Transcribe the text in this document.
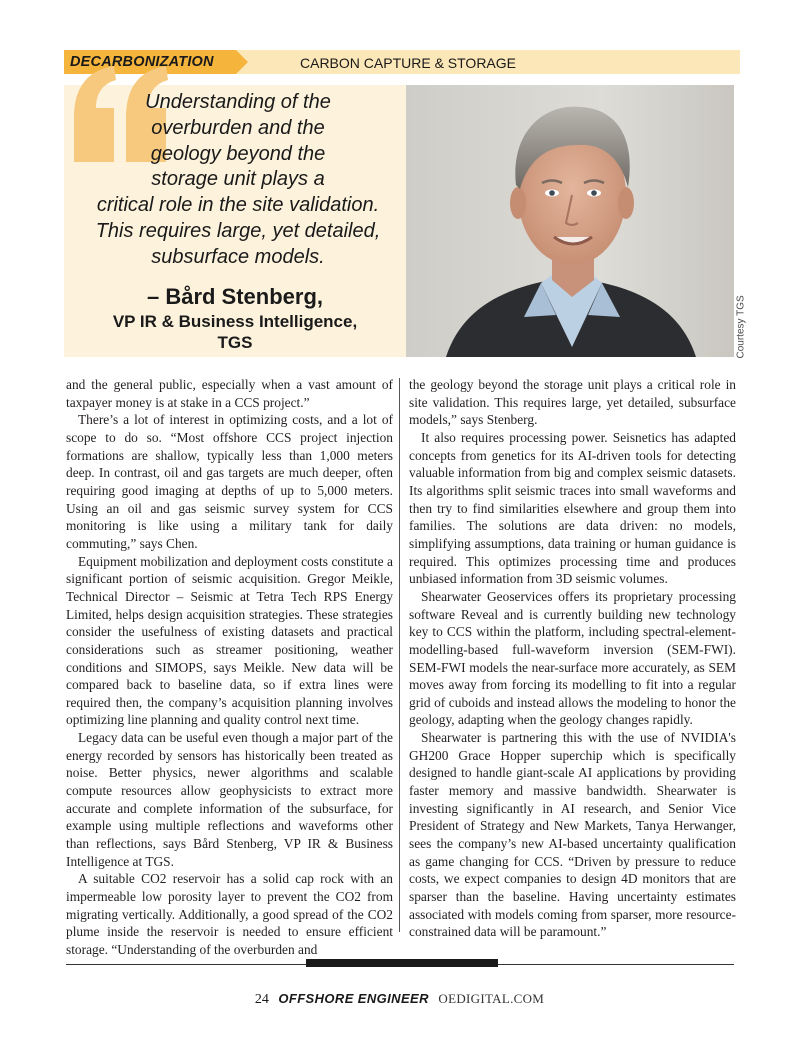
DECARBONIZATION	CARBON CAPTURE & STORAGE
Understanding of the
overburden and the
geology beyond the
storage unit plays a
critical role in the site validation.
This requires large, yet detailed,
subsurface models.
– Bård Stenberg,
VP IR & Business Intelligence,
TGS	Courtesy TGS

and the general public, especially when a vast amount of taxpayer money is at stake in a CCS project.”

There’s a lot of interest in optimizing costs, and a lot of scope to do so. “Most offshore CCS project injection formations are shallow, typically less than 1,000 meters deep. In contrast, oil and gas targets are much deeper, often requiring good imaging at depths of up to 5,000 meters. Using an oil and gas seismic survey system for CCS monitoring is like using a military tank for daily commuting,” says Chen.

Equipment mobilization and deployment costs constitute a significant portion of seismic acquisition. Gregor Meikle, Technical Director – Seismic at Tetra Tech RPS Energy Limited, helps design acquisition strategies. These strategies consider the usefulness of existing datasets and practical considerations such as streamer positioning, weather conditions and SIMOPS, says Meikle. New data will be compared back to baseline data, so if extra lines were required then, the company’s acquisition planning involves optimizing line planning and quality control next time.

Legacy data can be useful even though a major part of the energy recorded by sensors has historically been treated as noise. Better physics, newer algorithms and scalable compute resources allow geophysicists to extract more accurate and complete information of the subsurface, for example using multiple reflections and waveforms other than reflections, says Bård Stenberg, VP IR & Business Intelligence at TGS.

A suitable CO2 reservoir has a solid cap rock with an impermeable low porosity layer to prevent the CO2 from migrating vertically. Additionally, a good spread of the CO2 plume inside the reservoir is needed to ensure efficient storage. “Understanding of the overburden and

the geology beyond the storage unit plays a critical role in site validation. This requires large, yet detailed, subsurface models,” says Stenberg.

It also requires processing power. Seisnetics has adapted concepts from genetics for its AI-driven tools for detecting valuable information from big and complex seismic datasets. Its algorithms split seismic traces into small waveforms and then try to find similarities elsewhere and group them into families. The solutions are data driven: no models, simplifying assumptions, data training or human guidance is required. This optimizes processing time and produces unbiased information from 3D seismic volumes.

Shearwater Geoservices offers its proprietary processing software Reveal and is currently building new technology key to CCS within the platform, including spectral-element-modelling-based full-waveform inversion (SEM-FWI). SEM-FWI models the near-surface more accurately, as SEM moves away from forcing its modelling to fit into a regular grid of cuboids and instead allows the modeling to honor the geology, adapting when the geology changes rapidly.

Shearwater is partnering this with the use of NVIDIA's GH200 Grace Hopper superchip which is specifically designed to handle giant-scale AI applications by providing faster memory and massive bandwidth. Shearwater is investing significantly in AI research, and Senior Vice President of Strategy and New Markets, Tanya Herwanger, sees the company’s new AI-based uncertainty qualification as game changing for CCS. “Driven by pressure to reduce costs, we expect companies to design 4D monitors that are sparser than the baseline. Having uncertainty estimates associated with models coming from sparser, more resource-constrained data will be paramount.”

24 OFFSHORE ENGINEER OEDIGITAL.COM
